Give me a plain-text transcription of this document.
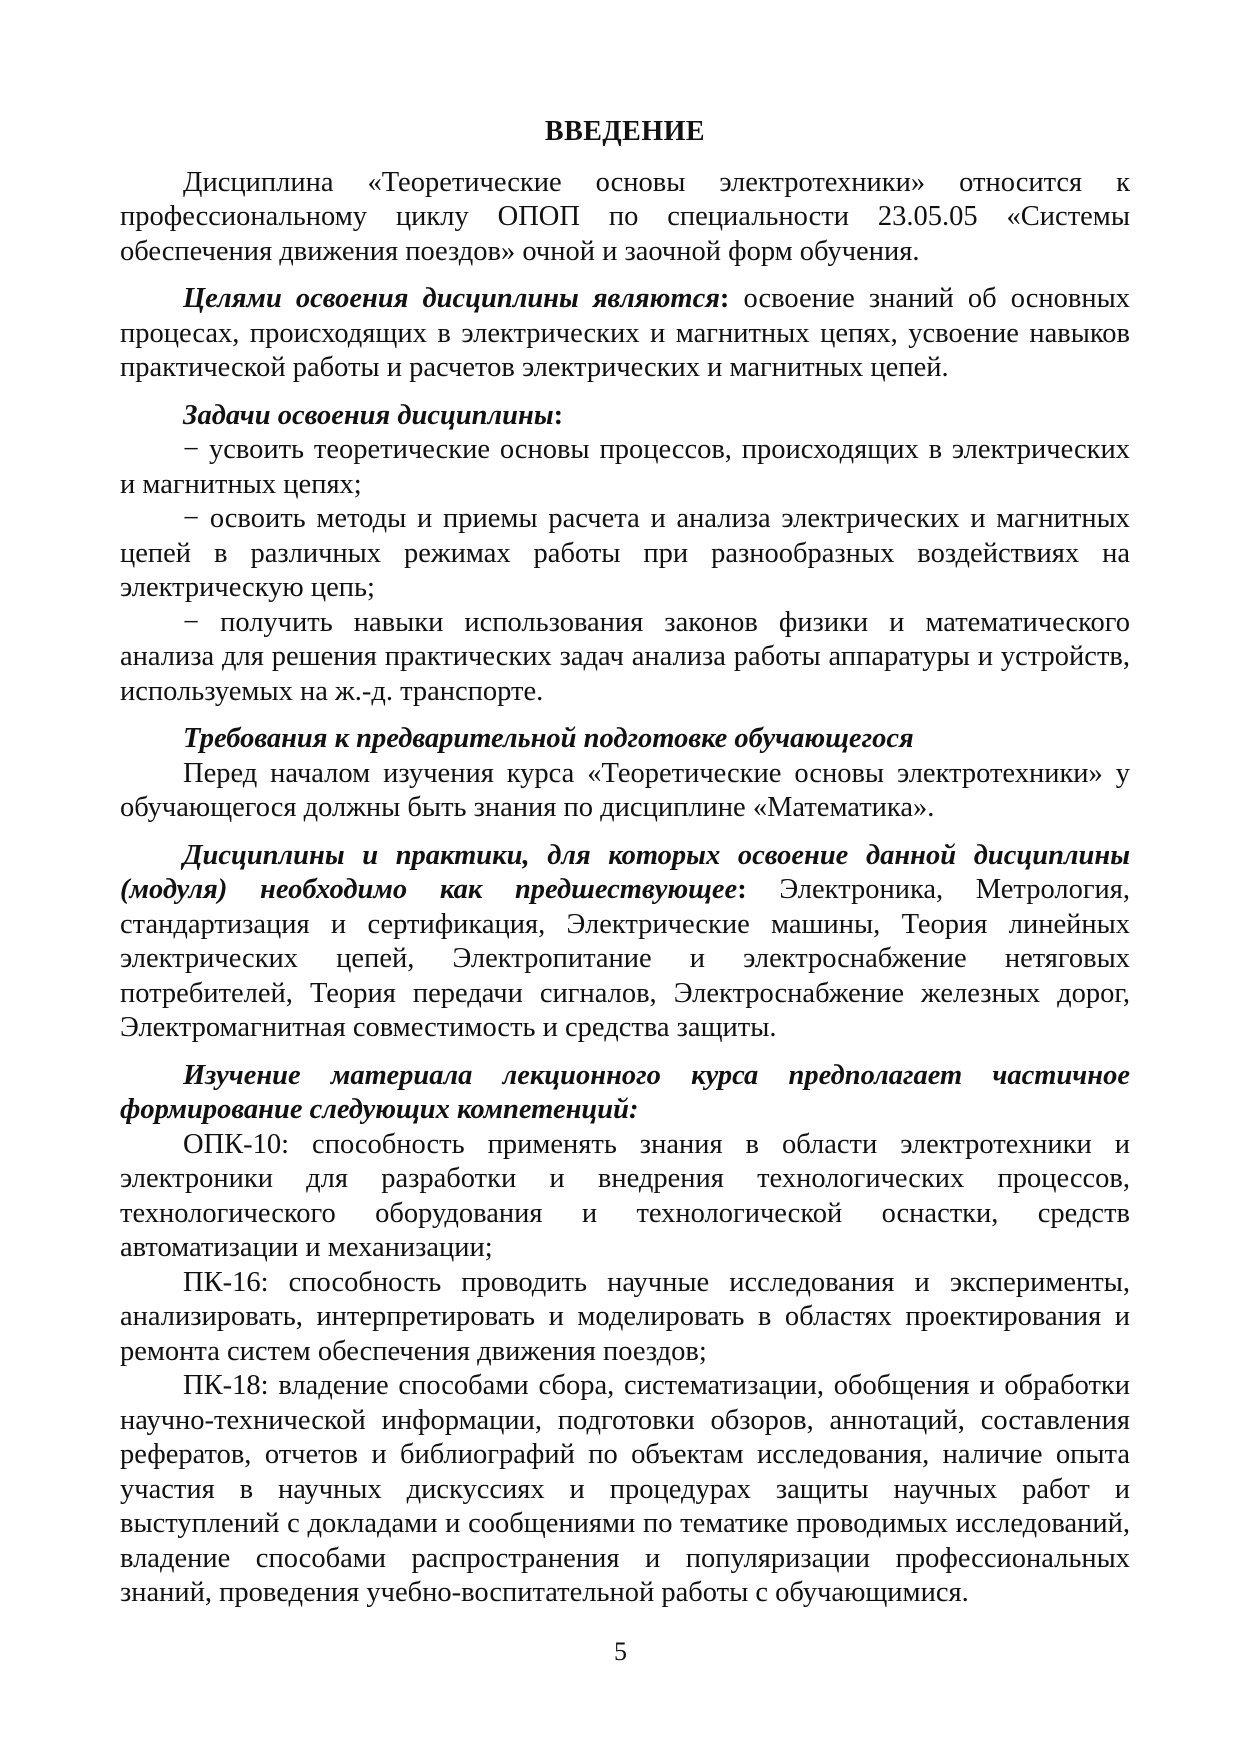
ВВЕДЕНИЕ

Дисциплина «Теоретические основы электротехники» относится к профессиональному циклу ОПОП по специальности 23.05.05 «Системы обеспечения движения поездов» очной и заочной форм обучения.

Целями освоения дисциплины являются: освоение знаний об основных процесах, происходящих в электрических и магнитных цепях, усвоение навыков практической работы и расчетов электрических и магнитных цепей.

Задачи освоения дисциплины:

− усвоить теоретические основы процессов, происходящих в электрических и магнитных цепях;

− освоить методы и приемы расчета и анализа электрических и магнитных цепей в различных режимах работы при разнообразных воздействиях на электрическую цепь;

− получить навыки использования законов физики и математического анализа для решения практических задач анализа работы аппаратуры и устройств, используемых на ж.-д. транспорте.

Требования к предварительной подготовке обучающегося

Перед началом изучения курса «Теоретические основы электротехники» у обучающегося должны быть знания по дисциплине «Математика».

Дисциплины и практики, для которых освоение данной дисциплины (модуля) необходимо как предшествующее: Электроника, Метрология, стандартизация и сертификация, Электрические машины, Теория линейных электрических цепей, Электропитание и электроснабжение нетяговых потребителей, Теория передачи сигналов, Электроснабжение железных дорог, Электромагнитная совместимость и средства защиты.

Изучение материала лекционного курса предполагает частичное формирование следующих компетенций:

ОПК-10: способность применять знания в области электротехники и электроники для разработки и внедрения технологических процессов, технологического оборудования и технологической оснастки, средств автоматизации и механизации;

ПК-16: способность проводить научные исследования и эксперименты, анализировать, интерпретировать и моделировать в областях проектирования и ремонта систем обеспечения движения поездов;

ПК-18: владение способами сбора, систематизации, обобщения и обработки научно-технической информации, подготовки обзоров, аннотаций, составления рефератов, отчетов и библиографий по объектам исследования, наличие опыта участия в научных дискуссиях и процедурах защиты научных работ и выступлений с докладами и сообщениями по тематике проводимых исследований, владение способами распространения и популяризации профессиональных знаний, проведения учебно-воспитательной работы с обучающимися.

5
